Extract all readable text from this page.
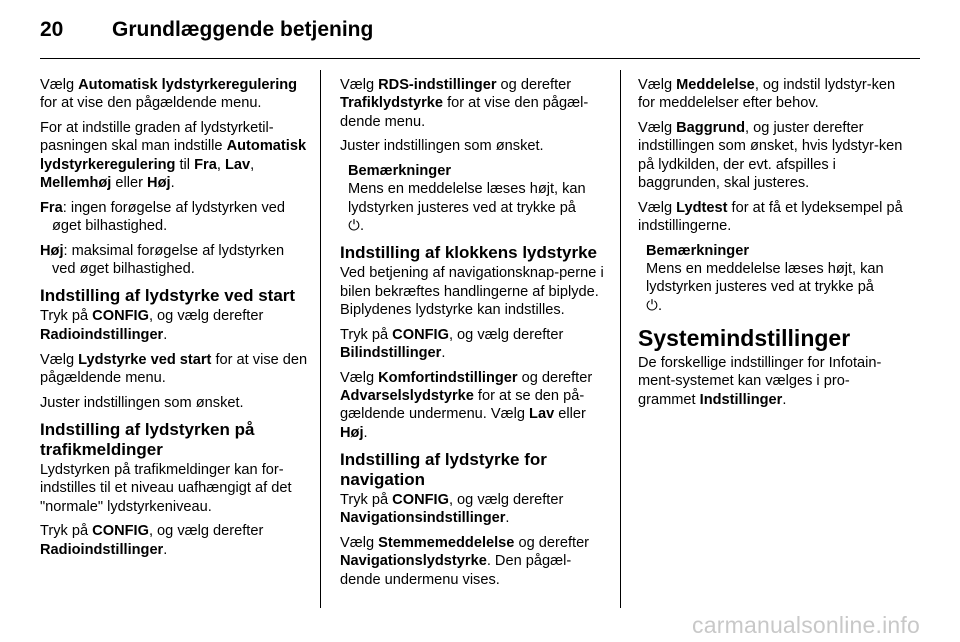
20	Grundlæggende betjening

Vælg Automatisk lydstyrkeregulering for at vise den pågældende menu.

For at indstille graden af lydstyrketil-pasningen skal man indstille Automatisk lydstyrkeregulering til Fra, Lav, Mellemhøj eller Høj.

Fra: ingen forøgelse af lydstyrken ved øget bilhastighed.

Høj: maksimal forøgelse af lydstyrken ved øget bilhastighed.

Indstilling af lydstyrke ved start

Tryk på CONFIG, og vælg derefter Radioindstillinger.

Vælg Lydstyrke ved start for at vise den pågældende menu.

Juster indstillingen som ønsket.

Indstilling af lydstyrken på trafikmeldinger

Lydstyrken på trafikmeldinger kan for-indstilles til et niveau uafhængigt af det "normale" lydstyrkeniveau.

Tryk på CONFIG, og vælg derefter Radioindstillinger.

Vælg RDS-indstillinger og derefter Trafiklydstyrke for at vise den pågæl-dende menu.

Juster indstillingen som ønsket.

Bemærkninger
Mens en meddelelse læses højt, kan lydstyrken justeres ved at trykke på
⏻.
Indstilling af klokkens lydstyrke

Ved betjening af navigationsknap-perne i bilen bekræftes handlingerne af biplyde. Biplydenes lydstyrke kan indstilles.

Tryk på CONFIG, og vælg derefter Bilindstillinger.

Vælg Komfortindstillinger og derefter Advarselslydstyrke for at se den på-gældende undermenu. Vælg Lav eller Høj.

Indstilling af lydstyrke for navigation

Tryk på CONFIG, og vælg derefter Navigationsindstillinger.

Vælg Stemmemeddelelse og derefter Navigationslydstyrke. Den pågæl-dende undermenu vises.

Vælg Meddelelse, og indstil lydstyr-ken for meddelelser efter behov.

Vælg Baggrund, og juster derefter indstillingen som ønsket, hvis lydstyr-ken på lydkilden, der evt. afspilles i baggrunden, skal justeres.

Vælg Lydtest for at få et lydeksempel på indstillingerne.

Bemærkninger
Mens en meddelelse læses højt, kan lydstyrken justeres ved at trykke på
⏻.
Systemindstillinger

De forskellige indstillinger for Infotain-ment-systemet kan vælges i pro-grammet Indstillinger.

carmanualsonline.info
